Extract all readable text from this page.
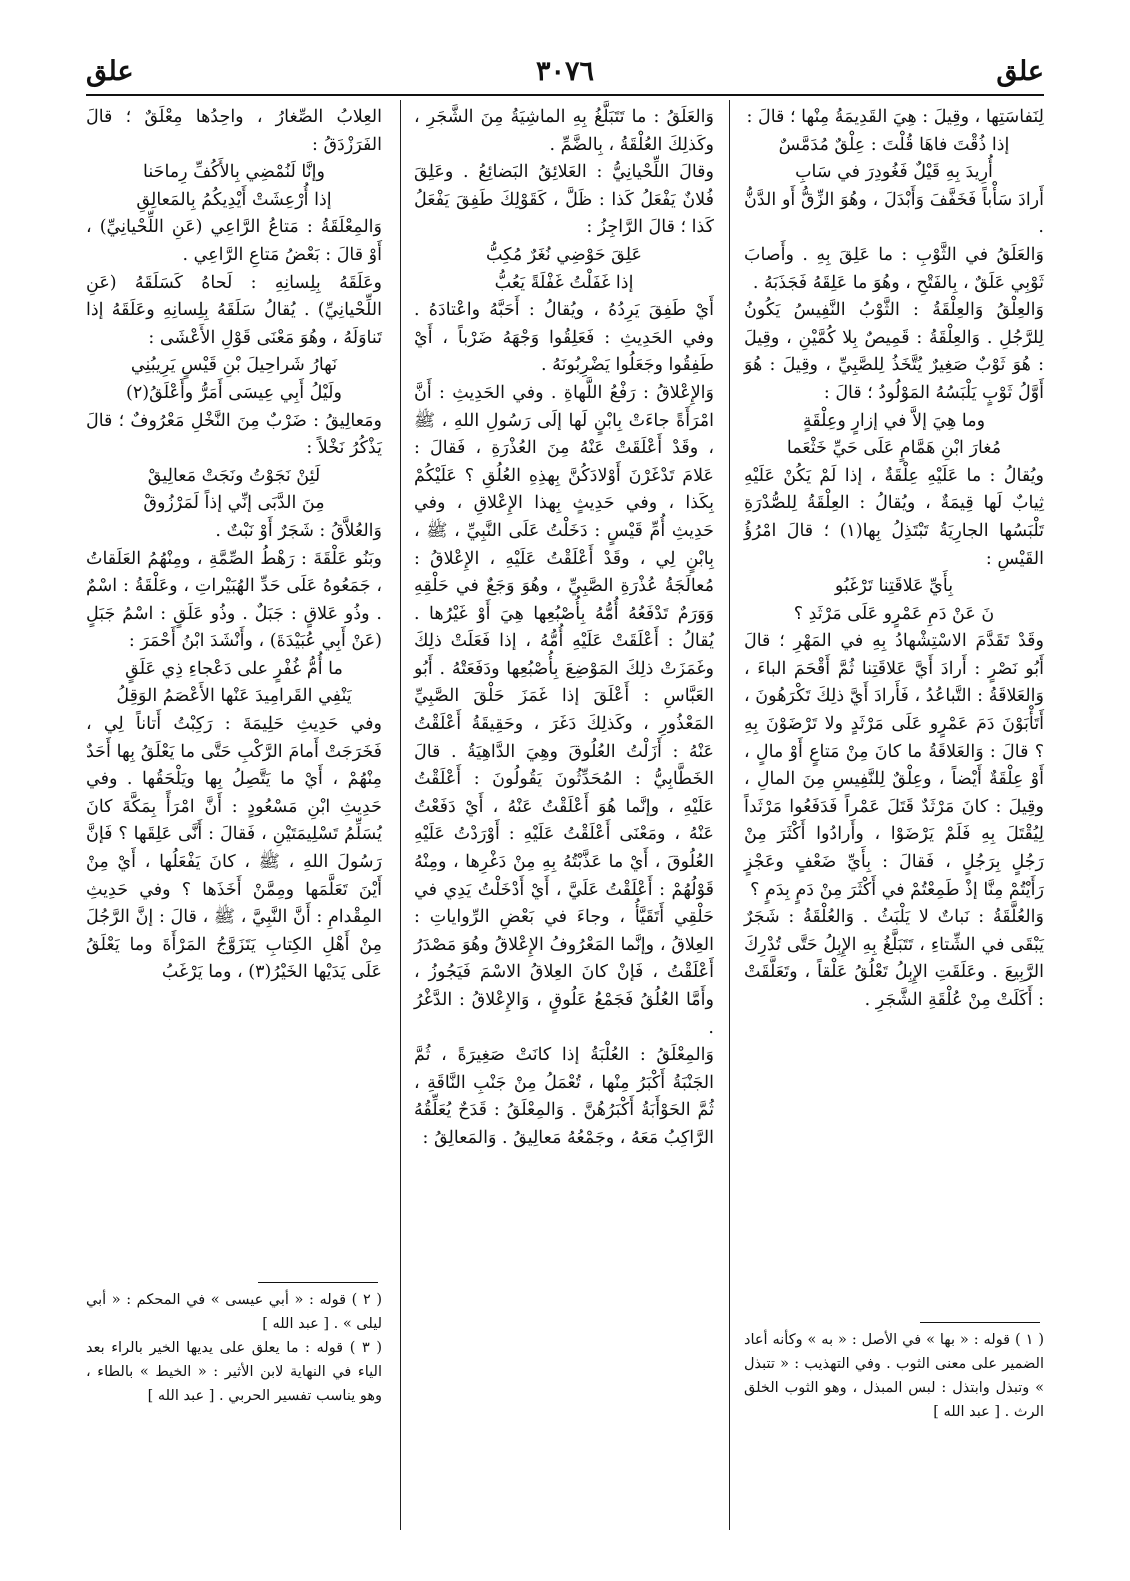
علق
٣٠٧٦
علق

لِنَفاسَتِها ، وقِيلَ : هِيَ القَدِيمَةُ مِنْها ؛ قالَ :

إذا ذُقْتَ فاهَا قُلْتَ : عِلْقٌ مُدَمَّسٌ

أُرِيدَ بِهِ قَيْلٌ فَغُودِرَ في سَابِ

أَرادَ سَأْباً فَخَفَّفَ وَأَبْدَلَ ، وهُوَ الزِّقُّ أَو الدَّنُّ .

وَالعَلَقُ في الثَّوْبِ : ما عَلِقَ بِهِ . وأَصابَ ثَوْبِي عَلَقٌ ، بِالفَتْحِ ، وهُوَ ما عَلِقَهُ فَجَذَبَهُ .

وَالعِلْقُ وَالعِلْقَةُ : الثَّوْبُ النَّفِيسُ يَكُونُ لِلرَّجُلِ . وَالعِلْقَةُ : قَمِيصٌ بِلا كُمَّيْنِ ، وقِيلَ : هُوَ ثَوْبٌ صَغِيرٌ يُتَّخَذُ لِلصَّبِيِّ ، وقِيلَ : هُوَ أَوَّلُ ثَوْبٍ يَلْبَسُهُ المَوْلُودُ ؛ قالَ :

وما هِيَ إلاَّ في إزارٍ وعِلْقَةٍ

مُغارَ ابْنِ هَمَّامٍ عَلَى حَيِّ خَثْعَما

ويُقالُ : ما عَلَيْهِ عِلْقَةٌ ، إذا لَمْ يَكُنْ عَلَيْهِ ثِيابٌ لَها قِيمَةٌ ، ويُقالُ : العِلْقَةُ لِلصُّدْرَةِ تَلْبَسُها الجارِيَةُ تَبْتَذِلُ بِها(١) ؛ قالَ امْرُؤُ القَيْسِ :

بِأَيِّ عَلاقَتِنا تَرْغَبُو

نَ عَنْ دَمِ عَمْرٍو عَلَى مَرْثَدِ ؟

وقَدْ تَقَدَّمَ الاسْتِشْهادُ بِهِ في المَهْرِ ؛ قالَ أَبُو نَصْرٍ : أَرادَ أَيَّ عَلاقَتِنا ثُمَّ أَقْحَمَ الباءَ ، وَالعَلاقَةُ : التَّباعُدُ ، فَأَرادَ أَيَّ ذلِكَ تَكْرَهُونَ ، أَتَأْبَوْنَ دَمَ عَمْرٍو عَلَى مَرْثَدٍ ولا تَرْضَوْنَ بِهِ ؟ قالَ : وَالعَلاقَةُ ما كانَ مِنْ مَتاعٍ أَوْ مالٍ ، أَوْ عِلْقَةٌ أَيْضاً ، وعِلْقٌ لِلنَّفِيسِ مِنَ المالِ ، وقِيلَ : كانَ مَرْثَدٌ قَتَلَ عَمْراً فَدَفَعُوا مَرْثَداً لِيُقْتَلَ بِهِ فَلَمْ يَرْضَوْا ، وأَرادُوا أَكْثَرَ مِنْ رَجُلٍ بِرَجُلٍ ، فَقالَ : بِأَيِّ ضَعْفٍ وعَجْزٍ رَأَيْتُمْ مِنَّا إذْ طَمِعْتُمْ في أَكْثَرَ مِنْ دَمٍ بِدَمٍ ؟

وَالعُلَّقَةُ : نَباتٌ لا يَلْبَثُ . وَالعُلْقَةُ : شَجَرٌ يَبْقَى في الشِّتاءِ ، تَتَبَلَّغُ بِهِ الإِبِلُ حَتَّى تُدْرِكَ الرَّبِيعَ . وعَلَقَتِ الإِبِلُ تَعْلُقُ عَلْقاً ، وتَعَلَّقَتْ : أَكَلَتْ مِنْ عُلْقَةِ الشَّجَرِ .

وَالعَلَقُ : ما تَتَبَلَّغُ بِهِ الماشِيَةُ مِنَ الشَّجَرِ ، وكَذلِكَ العُلْقَةُ ، بِالضَّمِّ .

وقالَ اللِّحْيانِيُّ : العَلائِقُ البَضائِعُ . وعَلِقَ فُلانٌ يَفْعَلُ كَذا : ظَلَّ ، كَقَوْلِكَ طَفِقَ يَفْعَلُ كَذا ؛ قالَ الرَّاجِزُ :

عَلِقَ حَوْضِي نُغَرٌ مُكِبُّ

إذا غَفَلْتُ غَفْلَةً يَعُبُّ

أَيْ طَفِقَ يَرِدُهُ ، ويُقالُ : أَحَبَّهُ واعْتادَهُ . وفي الحَدِيثِ : فَعَلِقُوا وَجْهَهُ ضَرْباً ، أَيْ طَفِقُوا وجَعَلُوا يَضْرِبُونَهُ .

وَالإِعْلاقُ : رَفْعُ اللَّهاةِ . وفي الحَدِيثِ : أَنَّ امْرَأَةً جاءَتْ بِابْنٍ لَها إلَى رَسُولِ اللهِ ، ﷺ ، وقَدْ أَعْلَقَتْ عَنْهُ مِنَ العُذْرَةِ ، فَقالَ : عَلامَ تَدْغَرْنَ أَوْلادَكُنَّ بِهذِهِ العُلُقِ ؟ عَلَيْكُمْ بِكَذا ، وفي حَدِيثٍ بِهذا الإِعْلاقِ ، وفي حَدِيثِ أُمِّ قَيْسٍ : دَخَلْتُ عَلَى النَّبِيِّ ، ﷺ ، بِابْنٍ لِي ، وقَدْ أَعْلَقْتُ عَلَيْهِ ، الإِعْلاقُ : مُعالَجَةُ عُذْرَةِ الصَّبِيِّ ، وهُوَ وَجَعٌ في حَلْقِهِ وَوَرَمٌ تَدْفَعُهُ أُمُّهُ بِأُصْبُعِها هِيَ أَوْ غَيْرُها . يُقالُ : أَعْلَقَتْ عَلَيْهِ أُمُّهُ ، إذا فَعَلَتْ ذلِكَ وغَمَزَتْ ذلِكَ المَوْضِعَ بِأُصْبُعِها ودَفَعَتْهُ . أَبُو العَبَّاسِ : أَعْلَقَ إذا غَمَزَ حَلْقَ الصَّبِيِّ المَعْذُورِ ، وكَذلِكَ دَغَرَ ، وحَقِيقَةُ أَعْلَقْتُ عَنْهُ : أَزَلْتُ العُلُوقَ وهِيَ الدَّاهِيَةُ . قالَ الخَطَّابِيُّ : المُحَدِّثُونَ يَقُولُونَ : أَعْلَقْتُ عَلَيْهِ ، وإنَّما هُوَ أَعْلَقْتُ عَنْهُ ، أَيْ دَفَعْتُ عَنْهُ ، ومَعْنَى أَعْلَقْتُ عَلَيْهِ : أَوْرَدْتُ عَلَيْهِ العُلُوقَ ، أَيْ ما عَذَّبْتُهُ بِهِ مِنْ دَغْرِها ، ومِنْهُ قَوْلُهُمْ : أَعْلَقْتُ عَلَيَّ ، أَيْ أَدْخَلْتُ يَدِي في حَلْقِي أَتَقَيَّأُ ، وجاءَ في بَعْضِ الرِّواياتِ : العِلاقُ ، وإنَّما المَعْرُوفُ الإِعْلاقُ وهُوَ مَصْدَرُ أَعْلَقْتُ ، فَإنْ كانَ العِلاقُ الاسْمَ فَيَجُوزُ ، وأَمَّا العُلُقُ فَجَمْعُ عَلُوقٍ ، وَالإِعْلاقُ : الدَّغْرُ .

وَالمِعْلَقُ : العُلْبَةُ إذا كانَتْ صَغِيرَةً ، ثُمَّ الجَنْبَةُ أَكْبَرُ مِنْها ، تُعْمَلُ مِنْ جَنْبِ النَّاقَةِ ، ثُمَّ الحَوْأَبَةُ أَكْبَرُهُنَّ . وَالمِعْلَقُ : قَدَحٌ يُعَلِّقُهُ الرَّاكِبُ مَعَهُ ، وجَمْعُهُ مَعالِيقُ . وَالمَعالِقُ :

العِلابُ الصِّغارُ ، واحِدُها مِعْلَقٌ ؛ قالَ الفَرَزْدَقُ :

وإنَّا لَنُمْضِي بِالأَكُفِّ رِماحَنا

إذا أُرْعِشَتْ أَيْدِيكُمُ بِالمَعالِقِ

وَالمِعْلَقَةُ : مَتاعُ الرَّاعِي (عَنِ اللِّحْيانِيِّ) ، أَوْ قالَ : بَعْضُ مَتاعِ الرَّاعِي .

وعَلَقَهُ بِلِسانِهِ : لَحاهُ كَسَلَقَهُ (عَنِ اللِّحْيانِيِّ) . يُقالُ سَلَقَهُ بِلِسانِهِ وعَلَقَهُ إذا تَناوَلَهُ ، وهُوَ مَعْنَى قَوْلِ الأَعْشَى :

نَهارُ شَراحِيلَ بْنِ قَيْسٍ يَرِيبُنِي

ولَيْلُ أَبِي عِيسَى أَمَرُّ وأَعْلَقُ(٢)

ومَعالِيقُ : ضَرْبٌ مِنَ النَّخْلِ مَعْرُوفٌ ؛ قالَ يَذْكُرُ نَخْلاً :

لَئِنْ نَجَوْتُ ونَجَتْ مَعالِيقْ

مِنَ الدَّبَى إنِّي إذاً لَمَرْزُوقْ

وَالعُلاَّقُ : شَجَرٌ أَوْ نَبْتٌ .

وبَنُو عَلْقَةَ : رَهْطُ الصِّمَّةِ ، ومِنْهُمُ العَلَقاتُ ، جَمَعُوهُ عَلَى حَدِّ الهُبَيْراتِ ، وعَلْقَةُ : اسْمٌ . وذُو عَلاقٍ : جَبَلٌ . وذُو عَلَقٍ : اسْمُ جَبَلٍ (عَنْ أَبِي عُبَيْدَةَ) ، وأَنْشَدَ ابْنُ أَحْمَرَ :

ما أُمُّ غُفْرٍ على دَعْجاءِ ذِي عَلَقٍ

يَنْفِي القَرامِيدَ عَنْها الأَعْصَمُ الوَقِلُ

وفي حَدِيثِ حَلِيمَةَ : رَكِبْتُ أَتاناً لِي ، فَخَرَجَتْ أَمامَ الرَّكْبِ حَتَّى ما يَعْلَقُ بِها أَحَدٌ مِنْهُمْ ، أَيْ ما يَتَّصِلُ بِها ويَلْحَقُها . وفي حَدِيثِ ابْنِ مَسْعُودٍ : أَنَّ امْرَأً بِمَكَّةَ كانَ يُسَلِّمُ تَسْلِيمَتَيْنِ ، فَقالَ : أَنَّى عَلِقَها ؟ فَإنَّ رَسُولَ اللهِ ، ﷺ ، كانَ يَفْعَلُها ، أَيْ مِنْ أَيْنَ تَعَلَّمَها ومِمَّنْ أَخَذَها ؟ وفي حَدِيثِ المِقْدامِ : أَنَّ النَّبِيَّ ، ﷺ ، قالَ : إنَّ الرَّجُلَ مِنْ أَهْلِ الكِتابِ يَتَزَوَّجُ المَرْأَةَ وما يَعْلَقُ عَلَى يَدَيْها الخَيْرُ(٣) ، وما يَرْغَبُ

( ١ ) قوله : « بها » في الأصل : « به » وكأنه أعاد الضمير على معنى الثوب . وفي التهذيب : « تتبذل » وتبذل وابتذل : لبس المبذل ، وهو الثوب الخلق الرث . [ عبد الله ]

( ٢ ) قوله : « أبي عيسى » في المحكم : « أبي ليلى » . [ عبد الله ]

( ٣ ) قوله : ما يعلق على يديها الخير بالراء بعد الياء في النهاية لابن الأثير : « الخيط » بالطاء ، وهو يناسب تفسير الحربي . [ عبد الله ]
